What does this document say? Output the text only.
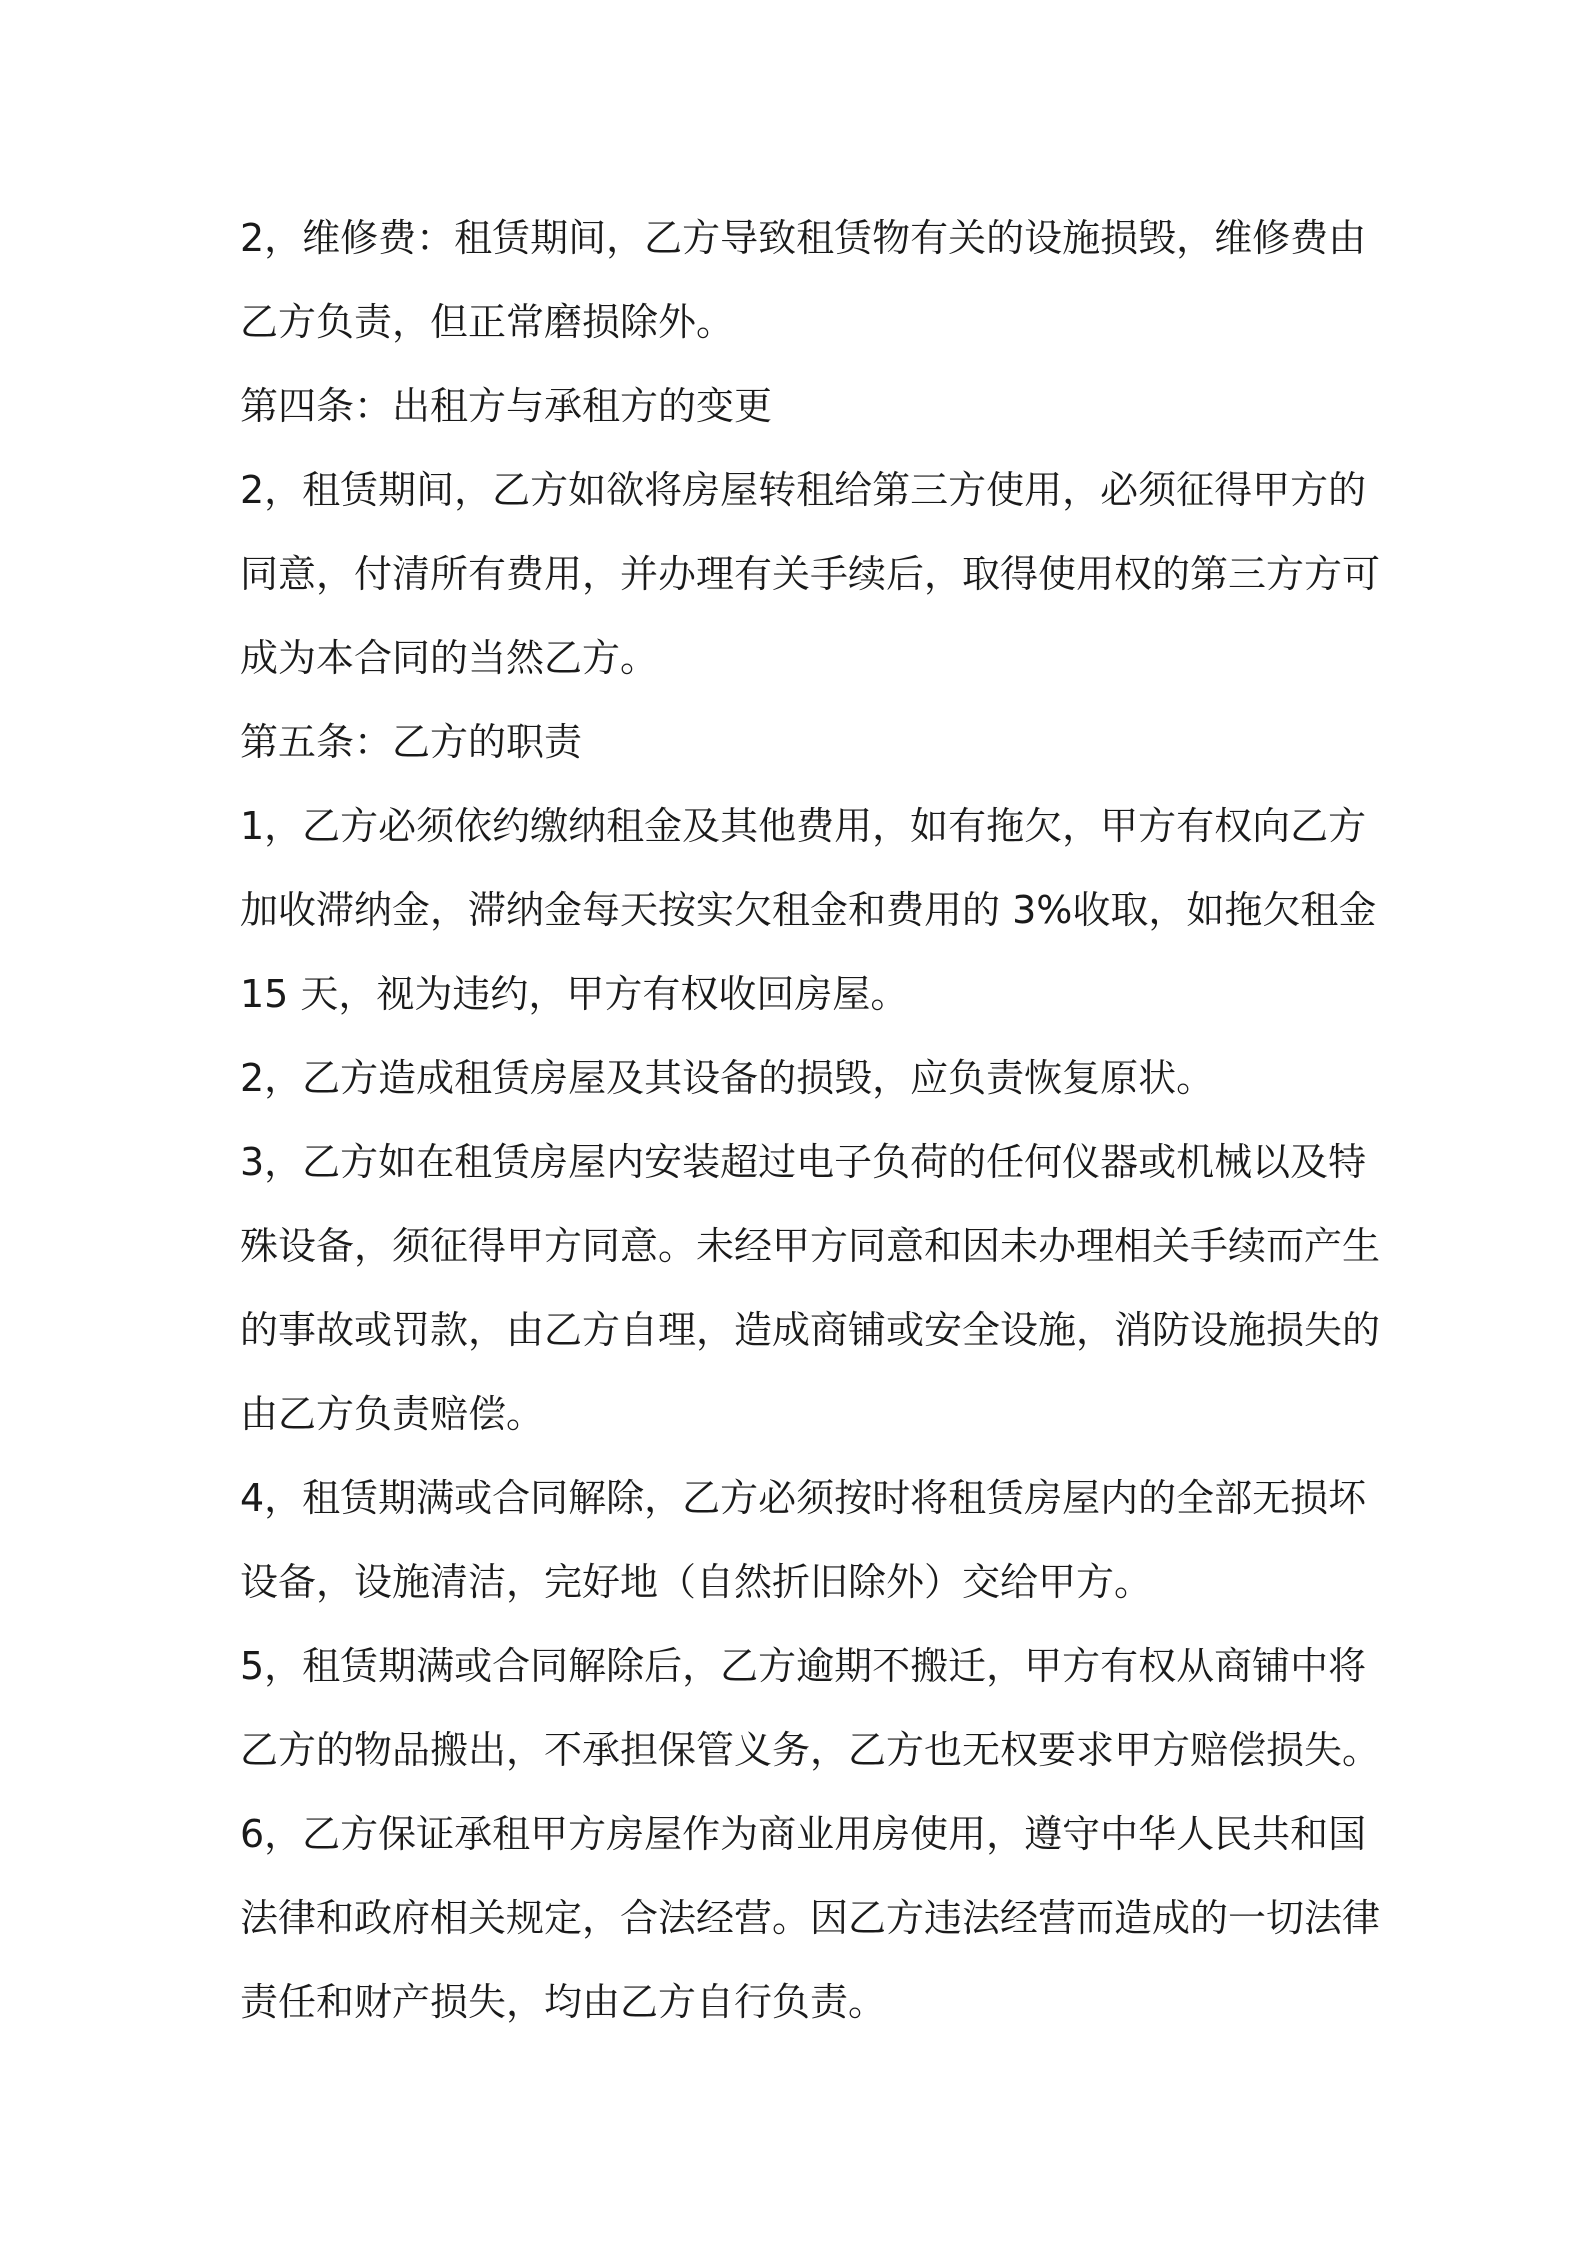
2，维修费：租赁期间，乙方导致租赁物有关的设施损毁，维修费由
乙方负责，但正常磨损除外。
第四条：出租方与承租方的变更
2，租赁期间，乙方如欲将房屋转租给第三方使用，必须征得甲方的
同意，付清所有费用，并办理有关手续后，取得使用权的第三方方可
成为本合同的当然乙方。
第五条：乙方的职责
1，乙方必须依约缴纳租金及其他费用，如有拖欠，甲方有权向乙方
加收滞纳金，滞纳金每天按实欠租金和费用的 3%收取，如拖欠租金
15 天，视为违约，甲方有权收回房屋。
2，乙方造成租赁房屋及其设备的损毁，应负责恢复原状。
3，乙方如在租赁房屋内安装超过电子负荷的任何仪器或机械以及特
殊设备，须征得甲方同意。未经甲方同意和因未办理相关手续而产生
的事故或罚款，由乙方自理，造成商铺或安全设施，消防设施损失的
由乙方负责赔偿。
4，租赁期满或合同解除，乙方必须按时将租赁房屋内的全部无损坏
设备，设施清洁，完好地（自然折旧除外）交给甲方。
5，租赁期满或合同解除后，乙方逾期不搬迁，甲方有权从商铺中将
乙方的物品搬出，不承担保管义务，乙方也无权要求甲方赔偿损失。
6，乙方保证承租甲方房屋作为商业用房使用，遵守中华人民共和国
法律和政府相关规定，合法经营。因乙方违法经营而造成的一切法律
责任和财产损失，均由乙方自行负责。
